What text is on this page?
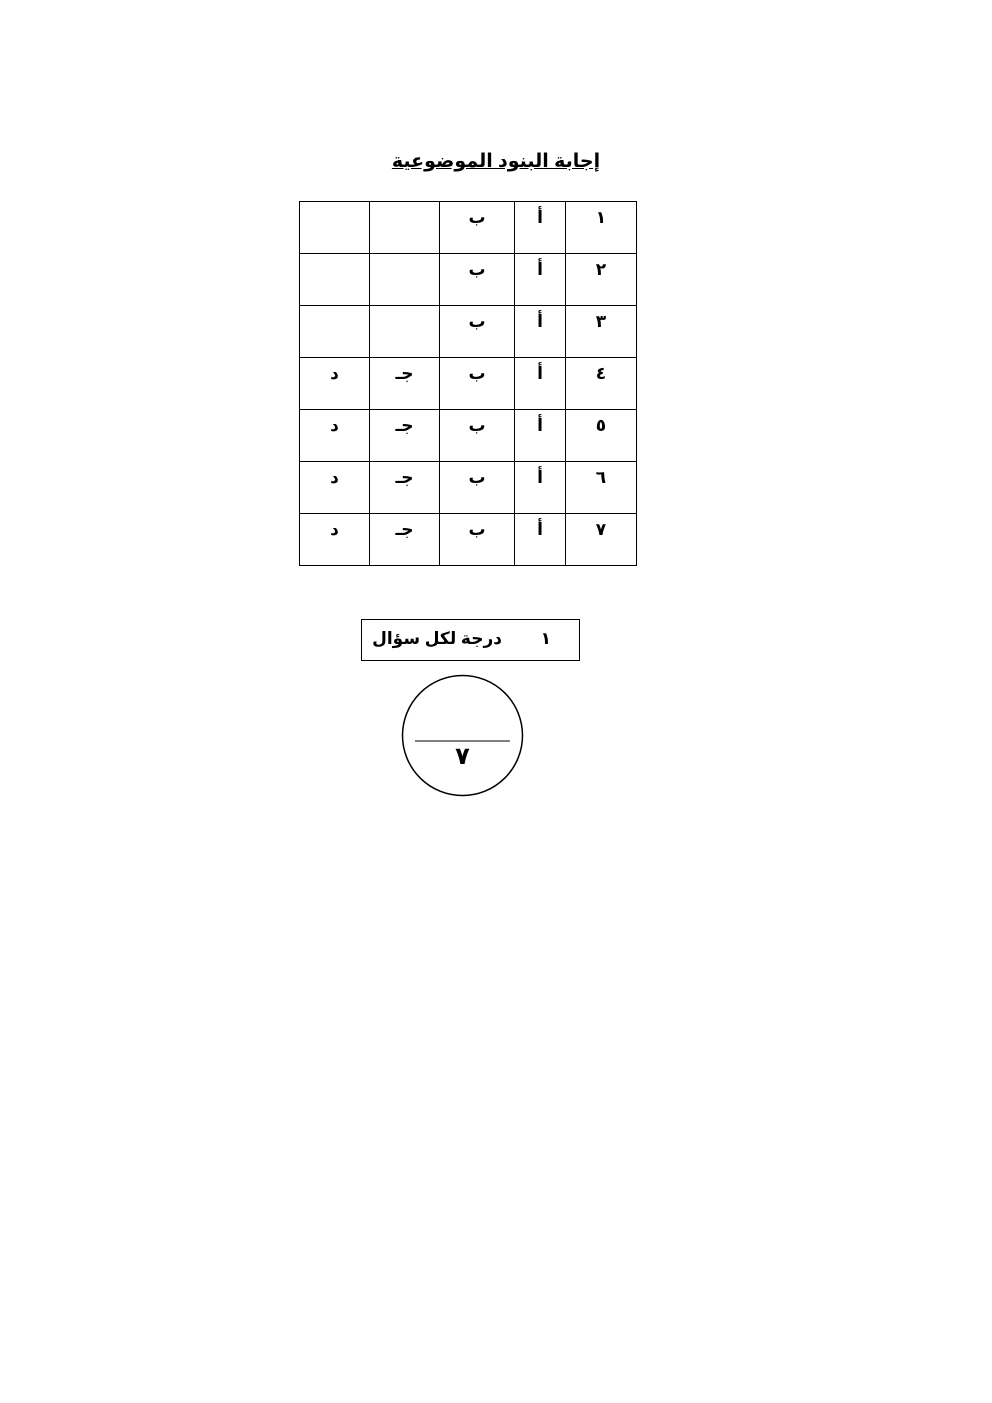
إجابة البنود الموضوعية
١	أ	ب		
٢	أ	ب		
٣	أ	ب		
٤	أ	ب	جـ	د
٥	أ	ب	جـ	د
٦	أ	ب	جـ	د
٧	أ	ب	جـ	د
١
درجة لكل سؤال
٧
